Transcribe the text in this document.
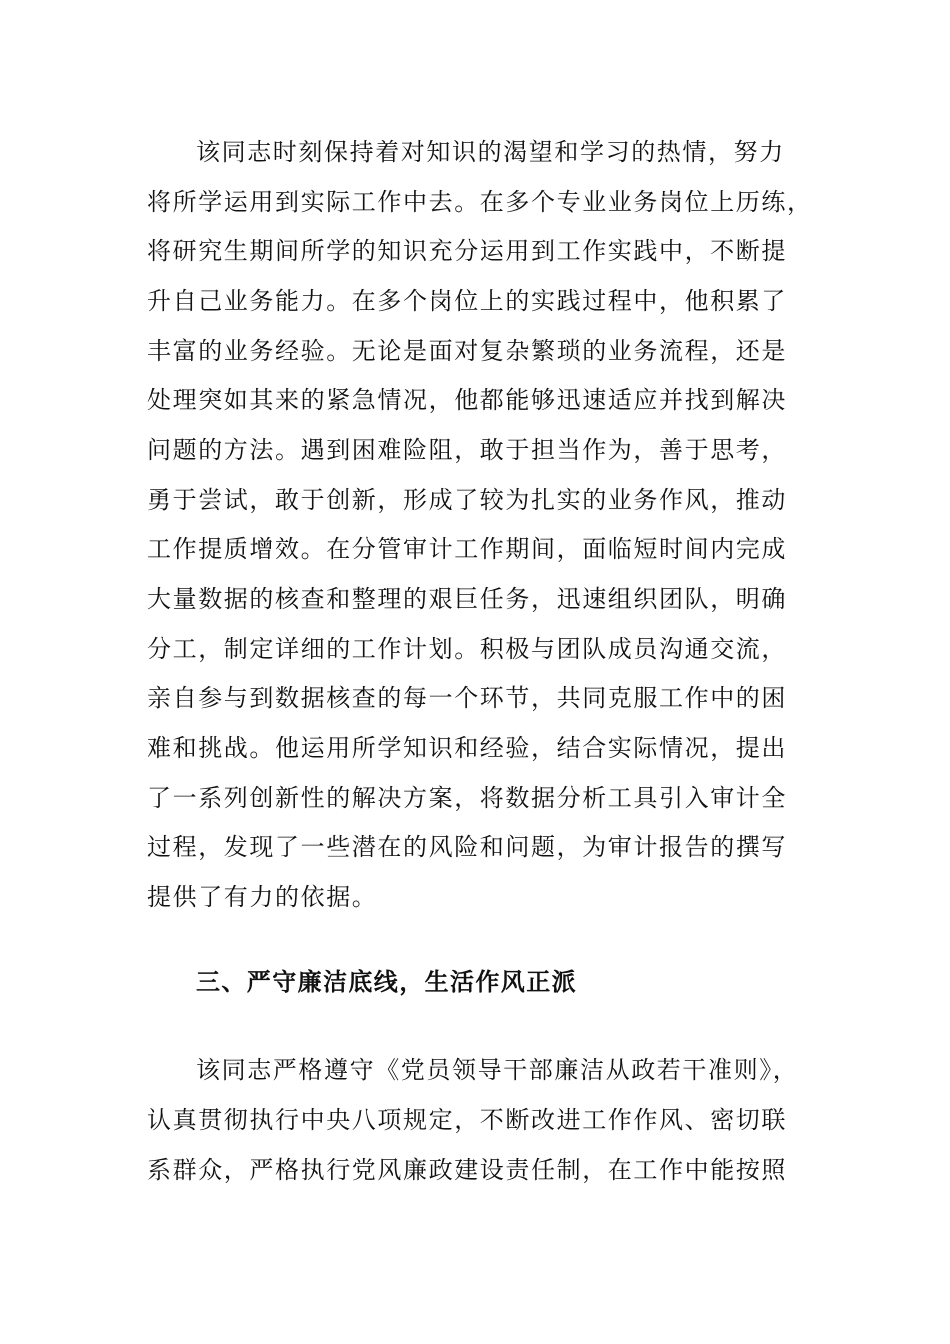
该同志时刻保持着对知识的渴望和学习的热情，努力
将所学运用到实际工作中去。在多个专业业务岗位上历练，
将研究生期间所学的知识充分运用到工作实践中，不断提
升自己业务能力。在多个岗位上的实践过程中，他积累了
丰富的业务经验。无论是面对复杂繁琐的业务流程，还是
处理突如其来的紧急情况，他都能够迅速适应并找到解决
问题的方法。遇到困难险阻，敢于担当作为，善于思考，
勇于尝试，敢于创新，形成了较为扎实的业务作风，推动
工作提质增效。在分管审计工作期间，面临短时间内完成
大量数据的核查和整理的艰巨任务，迅速组织团队，明确
分工，制定详细的工作计划。积极与团队成员沟通交流，
亲自参与到数据核查的每一个环节，共同克服工作中的困
难和挑战。他运用所学知识和经验，结合实际情况，提出
了一系列创新性的解决方案，将数据分析工具引入审计全
过程，发现了一些潜在的风险和问题，为审计报告的撰写
提供了有力的依据。
三、严守廉洁底线，生活作风正派
该同志严格遵守《党员领导干部廉洁从政若干准则》，
认真贯彻执行中央八项规定，不断改进工作作风、密切联
系群众，严格执行党风廉政建设责任制，在工作中能按照
